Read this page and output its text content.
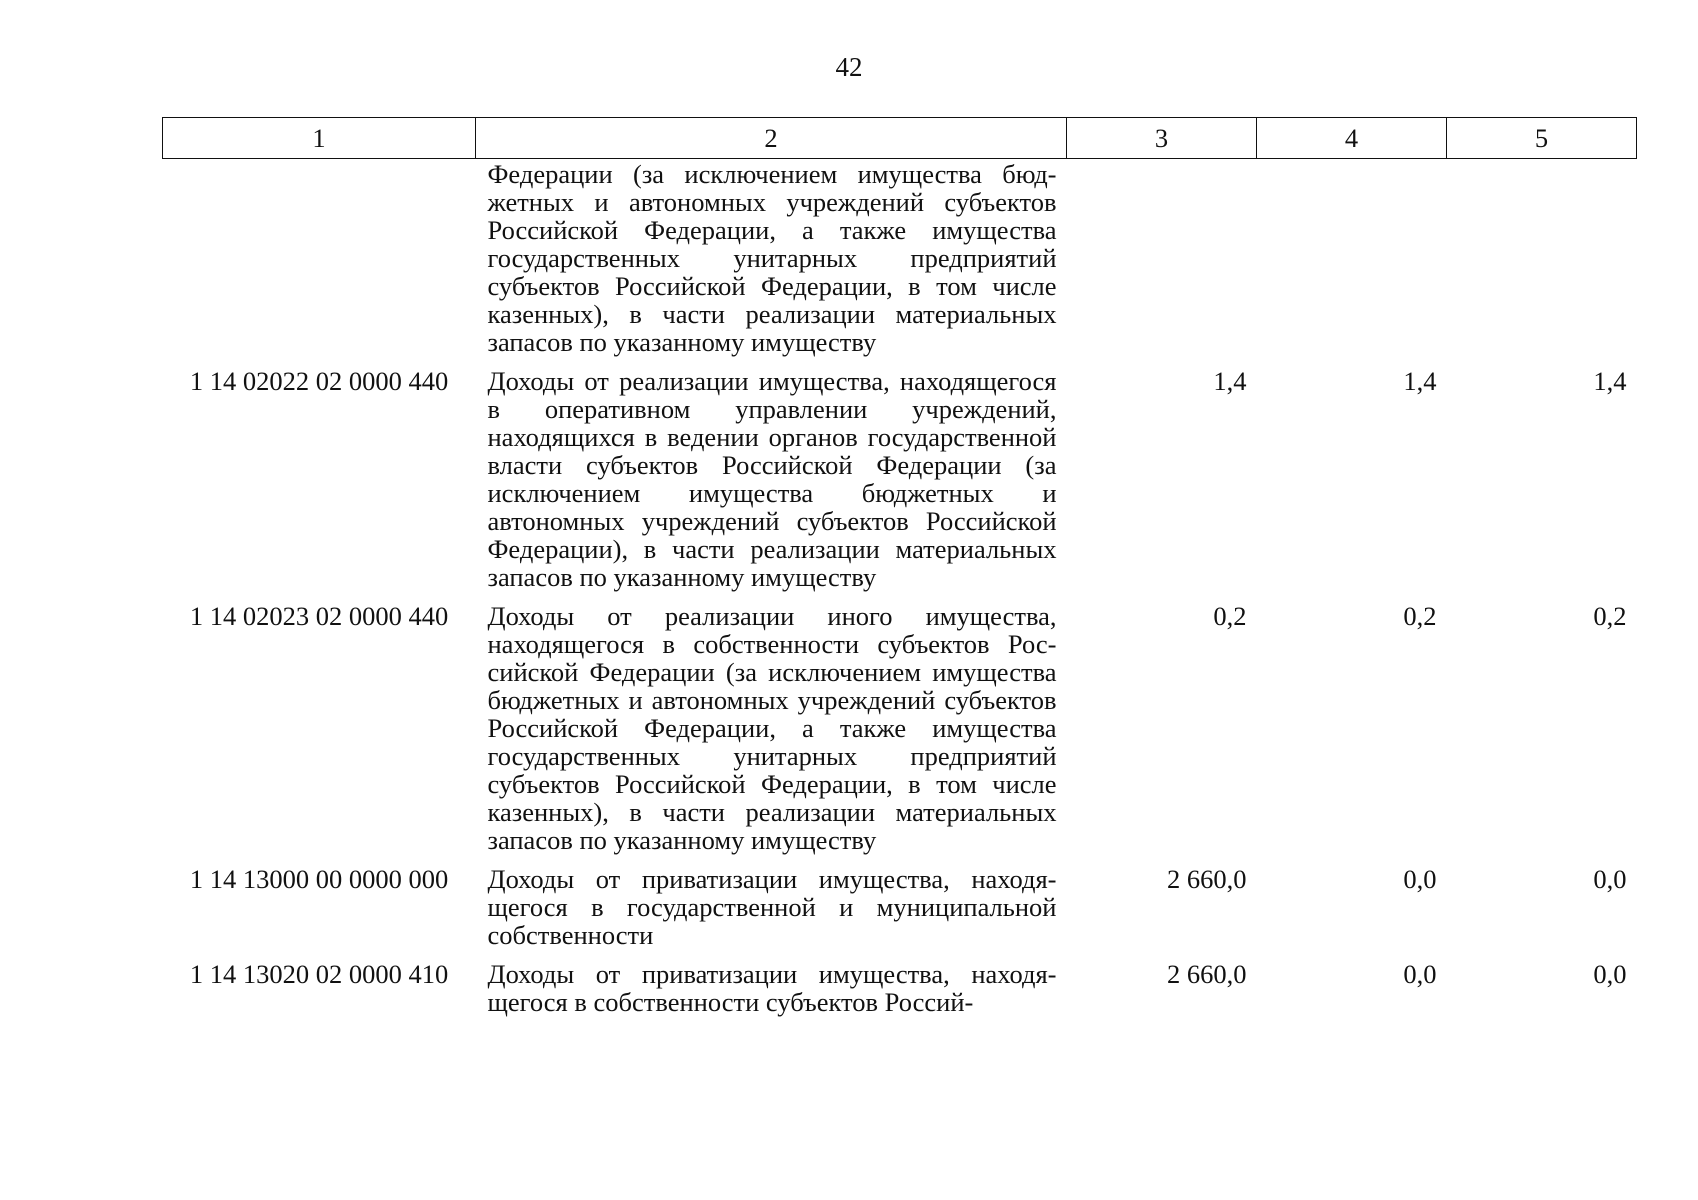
42
1	2	3	4	5

	Федерации (за исключением имущества бюджетных и автономных учреждений субъектов Российской Федерации, а также имущества государственных унитарных предприятий субъектов Российской Федерации, в том числе казенных), в части реализации материальных запасов по указанному имуществу			

1 14 02022 02 0000 440	Доходы от реализации имущества, находящегося в оперативном управлении учреждений, находящихся в ведении органов государственной власти субъектов Российской Федерации (за исключением имущества бюджетных и автономных учреждений субъектов Российской Федерации), в части реализации материальных запасов по указанному имуществу	1,4	1,4	1,4
1 14 02023 02 0000 440	Доходы от реализации иного имущества, находящегося в собственности субъектов Российской Федерации (за исключением имущества бюджетных и автономных учреждений субъектов Российской Федерации, а также имущества государственных унитарных предприятий субъектов Российской Федерации, в том числе казенных), в части реализации материальных запасов по указанному имуществу	0,2	0,2	0,2
1 14 13000 00 0000 000	Доходы от приватизации имущества, находящегося в государственной и муниципальной собственности	2 660,0	0,0	0,0
1 14 13020 02 0000 410	Доходы от приватизации имущества, находящегося в собственности субъектов Россий-	2 660,0	0,0	0,0
